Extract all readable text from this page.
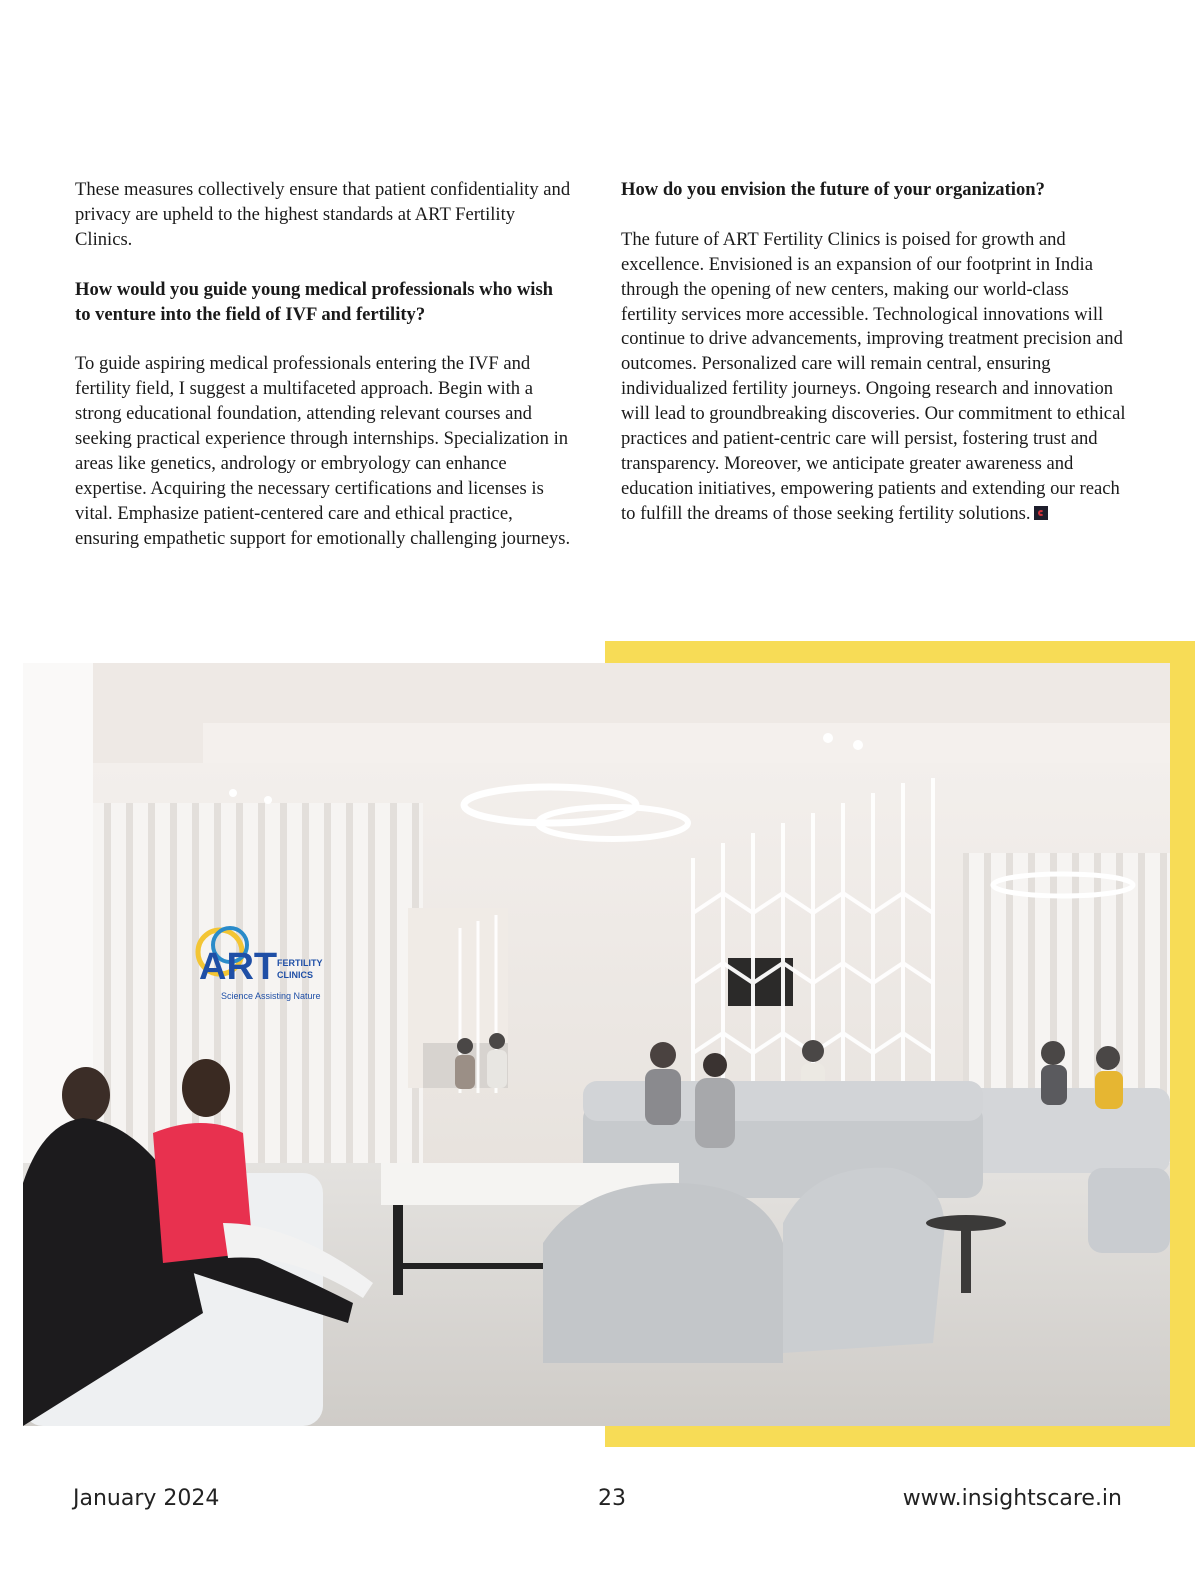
These measures collectively ensure that patient confidentiality and privacy are upheld to the highest standards at ART Fertility Clinics.

How would you guide young medical professionals who wish to venture into the field of IVF and fertility?

To guide aspiring medical professionals entering the IVF and fertility field, I suggest a multifaceted approach. Begin with a strong educational foundation, attending relevant courses and seeking practical experience through internships. Specialization in areas like genetics, andrology or embryology can enhance expertise. Acquiring the necessary certifications and licenses is vital. Emphasize patient-centered care and ethical practice, ensuring empathetic support for emotionally challenging journeys.

How do you envision the future of your organization?

The future of ART Fertility Clinics is poised for growth and excellence. Envisioned is an expansion of our footprint in India through the opening of new centers, making our world-class fertility services more accessible. Technological innovations will continue to drive advancements, improving treatment precision and outcomes. Personalized care will remain central, ensuring individualized fertility journeys. Ongoing research and innovation will lead to groundbreaking discoveries. Our commitment to ethical practices and patient-centric care will persist, fostering trust and transparency. Moreover, we anticipate greater awareness and education initiatives, empowering patients and extending our reach to fulfill the dreams of those seeking fertility solutions.

ART FERTILITY
CLINICS
Science Assisting Nature
January 2024	23	www.insightscare.in
